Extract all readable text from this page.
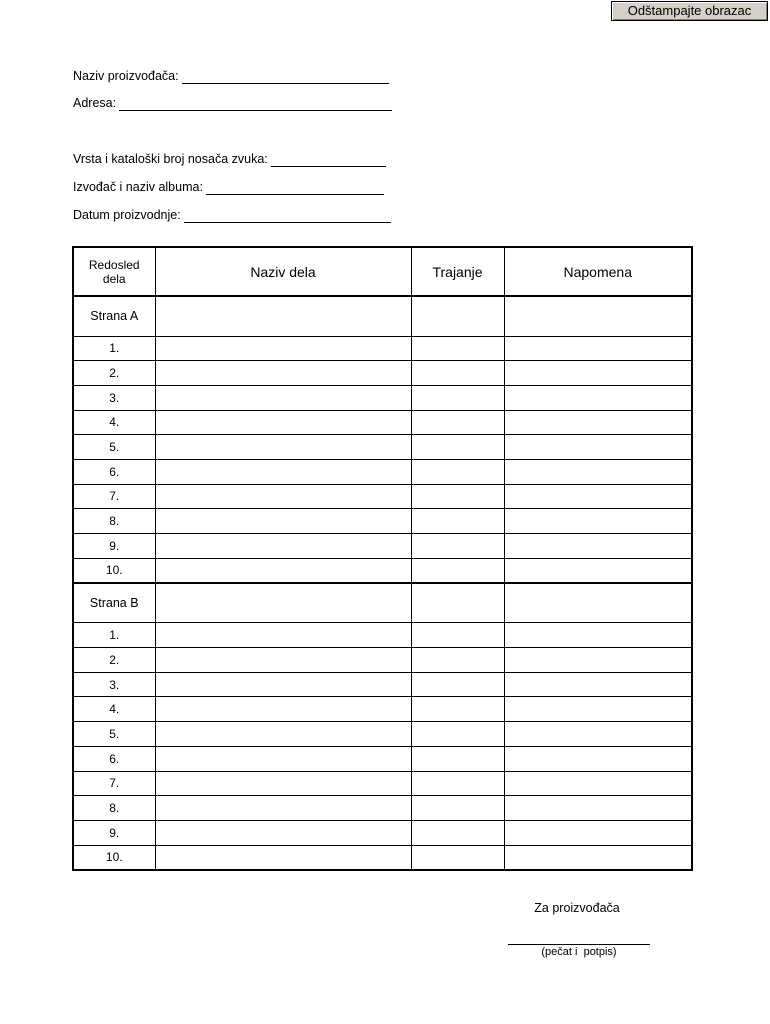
Odštampajte obrazac
Naziv proizvođača:
Adresa:
Vrsta i kataloški broj nosača zvuka:
Izvođač i naziv albuma:
Datum proizvodnje:
Redosled
dela	Naziv dela	Trajanje	Napomena
Strana A			
1.			
2.			
3.			
4.			
5.			
6.			
7.			
8.			
9.			
10.			
Strana B			
1.			
2.			
3.			
4.			
5.			
6.			
7.			
8.			
9.			
10.			
Za proizvođača
(pečat i  potpis)
